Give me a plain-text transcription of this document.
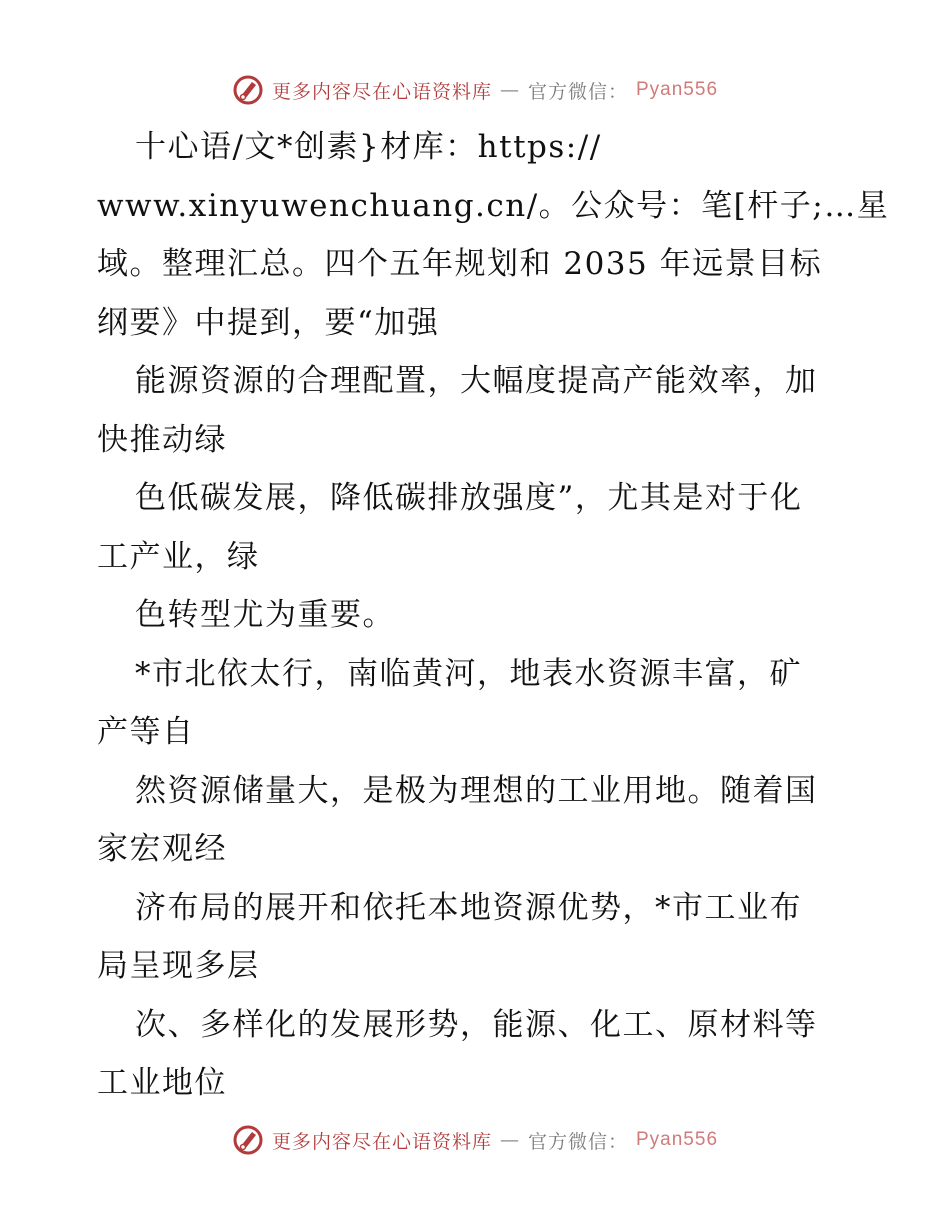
更多内容尽在心语资料库 — 官方微信： Pyan556
十心语/文*创素}材库：https://
www.xinyuwenchuang.cn/。公众号：笔[杆子;…星
域。整理汇总。四个五年规划和 2035 年远景目标
纲要》中提到，要“加强
能源资源的合理配置，大幅度提高产能效率，加
快推动绿
色低碳发展，降低碳排放强度”，尤其是对于化
工产业，绿
色转型尤为重要。
*市北依太行，南临黄河，地表水资源丰富，矿
产等自
然资源储量大，是极为理想的工业用地。随着国
家宏观经
济布局的展开和依托本地资源优势，*市工业布
局呈现多层
次、多样化的发展形势，能源、化工、原材料等
工业地位
更多内容尽在心语资料库 — 官方微信： Pyan556
